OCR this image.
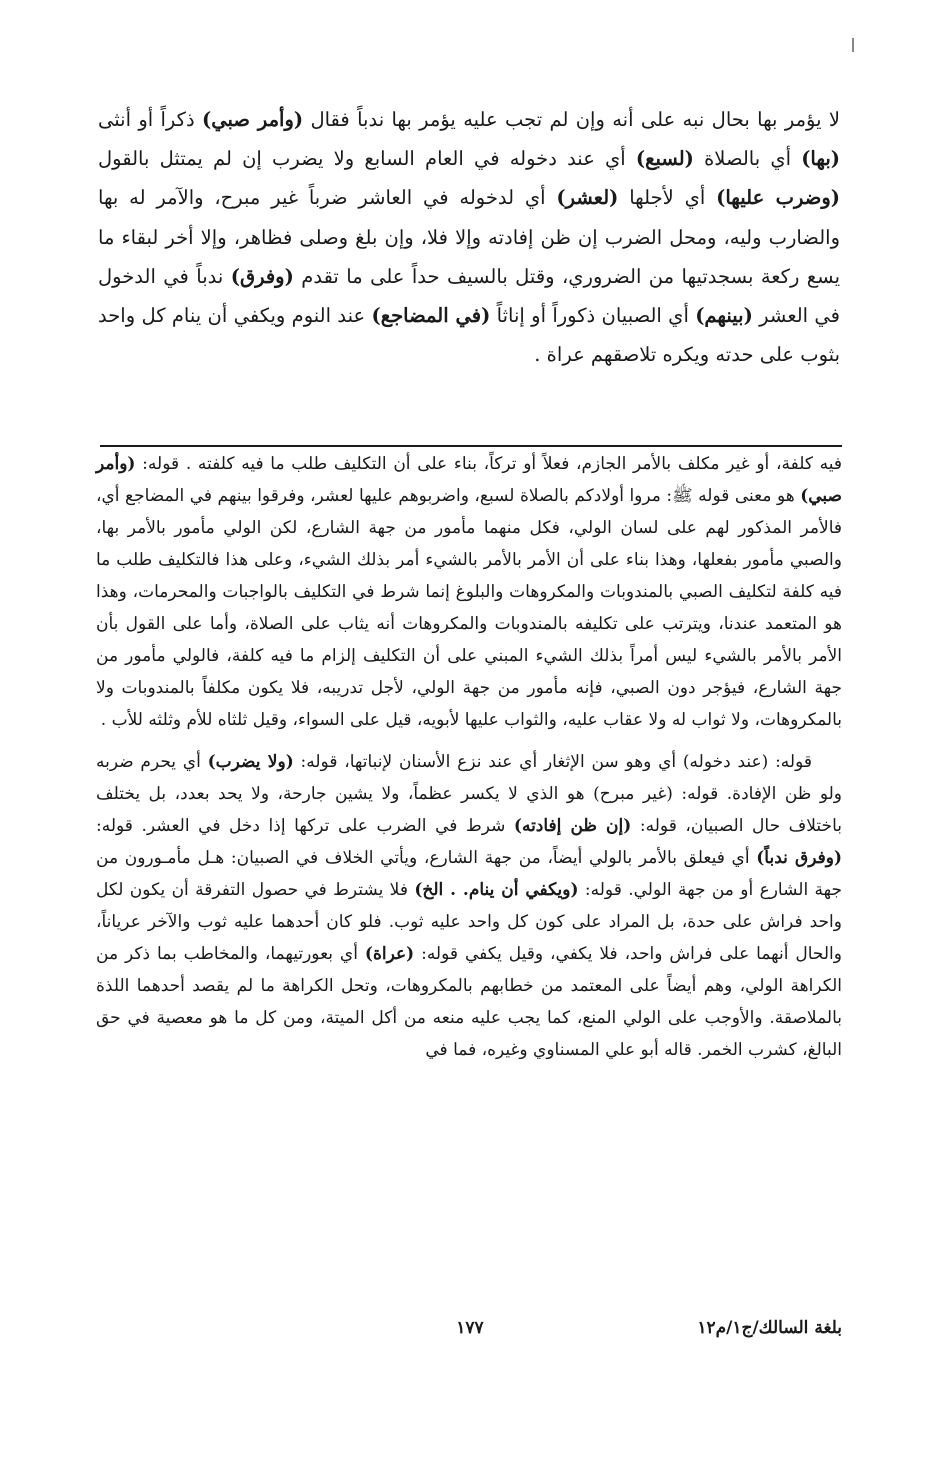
لا يؤمر بها بحال نبه على أنه وإن لم تجب عليه يؤمر بها ندباً فقال (وأمر صبي) ذكراً أو أنثى (بها) أي بالصلاة (لسبع) أي عند دخوله في العام السابع ولا يضرب إن لم يمتثل بالقول (وضرب عليها) أي لأجلها (لعشر) أي لدخوله في العاشر ضرباً غير مبرح، والآمر له بها والضارب وليه، ومحل الضرب إن ظن إفادته وإلا فلا، وإن بلغ وصلى فظاهر، وإلا أخر لبقاء ما يسع ركعة بسجدتيها من الضروري، وقتل بالسيف حداً على ما تقدم (وفرق) ندباً في الدخول في العشر (بينهم) أي الصبيان ذكوراً أو إناثاً (في المضاجع) عند النوم ويكفي أن ينام كل واحد بثوب على حدته ويكره تلاصقهم عراة .

فيه كلفة، أو غير مكلف بالأمر الجازم، فعلاً أو تركاً، بناء على أن التكليف طلب ما فيه كلفته . قوله: (وأمر صبي) هو معنى قوله ﷺ: مروا أولادكم بالصلاة لسبع، واضربوهم عليها لعشر، وفرقوا بينهم في المضاجع أي، فالأمر المذكور لهم على لسان الولي، فكل منهما مأمور من جهة الشارع، لكن الولي مأمور بالأمر بها، والصبي مأمور بفعلها، وهذا بناء على أن الأمر بالأمر بالشيء أمر بذلك الشيء، وعلى هذا فالتكليف طلب ما فيه كلفة لتكليف الصبي بالمندوبات والمكروهات والبلوغ إنما شرط في التكليف بالواجبات والمحرمات، وهذا هو المتعمد عندنا، ويترتب على تكليفه بالمندوبات والمكروهات أنه يثاب على الصلاة، وأما على القول بأن الأمر بالأمر بالشيء ليس أمراً بذلك الشيء المبني على أن التكليف إلزام ما فيه كلفة، فالولي مأمور من جهة الشارع، فيؤجر دون الصبي، فإنه مأمور من جهة الولي، لأجل تدريبه، فلا يكون مكلفاً بالمندوبات ولا بالمكروهات، ولا ثواب له ولا عقاب عليه، والثواب عليها لأبويه، قيل على السواء، وقيل ثلثاه للأم وثلثه للأب .

قوله: (عند دخوله) أي وهو سن الإثغار أي عند نزع الأسنان لإنباتها، قوله: (ولا يضرب) أي يحرم ضربه ولو ظن الإفادة. قوله: (غير مبرح) هو الذي لا يكسر عظماً، ولا يشين جارحة، ولا يحد بعدد، بل يختلف باختلاف حال الصبيان، قوله: (إن ظن إفادته) شرط في الضرب على تركها إذا دخل في العشر. قوله: (وفرق ندباً) أي فيعلق بالأمر بالولي أيضاً، من جهة الشارع، ويأتي الخلاف في الصبيان: هـل مأمـورون من جهة الشارع أو من جهة الولي. قوله: (ويكفي أن ينام. . الخ) فلا يشترط في حصول التفرقة أن يكون لكل واحد فراش على حدة، بل المراد على كون كل واحد عليه ثوب. فلو كان أحدهما عليه ثوب والآخر عرياناً، والحال أنهما على فراش واحد، فلا يكفي، وقيل يكفي قوله: (عراة) أي بعورتيهما، والمخاطب بما ذكر من الكراهة الولي، وهم أيضاً على المعتمد من خطابهم بالمكروهات، وتحل الكراهة ما لم يقصد أحدهما اللذة بالملاصقة. والأوجب على الولي المنع، كما يجب عليه منعه من أكل الميتة، ومن كل ما هو معصية في حق البالغ، كشرب الخمر. قاله أبو علي المسناوي وغيره، فما في

بلغة السالك/ج١/م١٢
١٧٧
